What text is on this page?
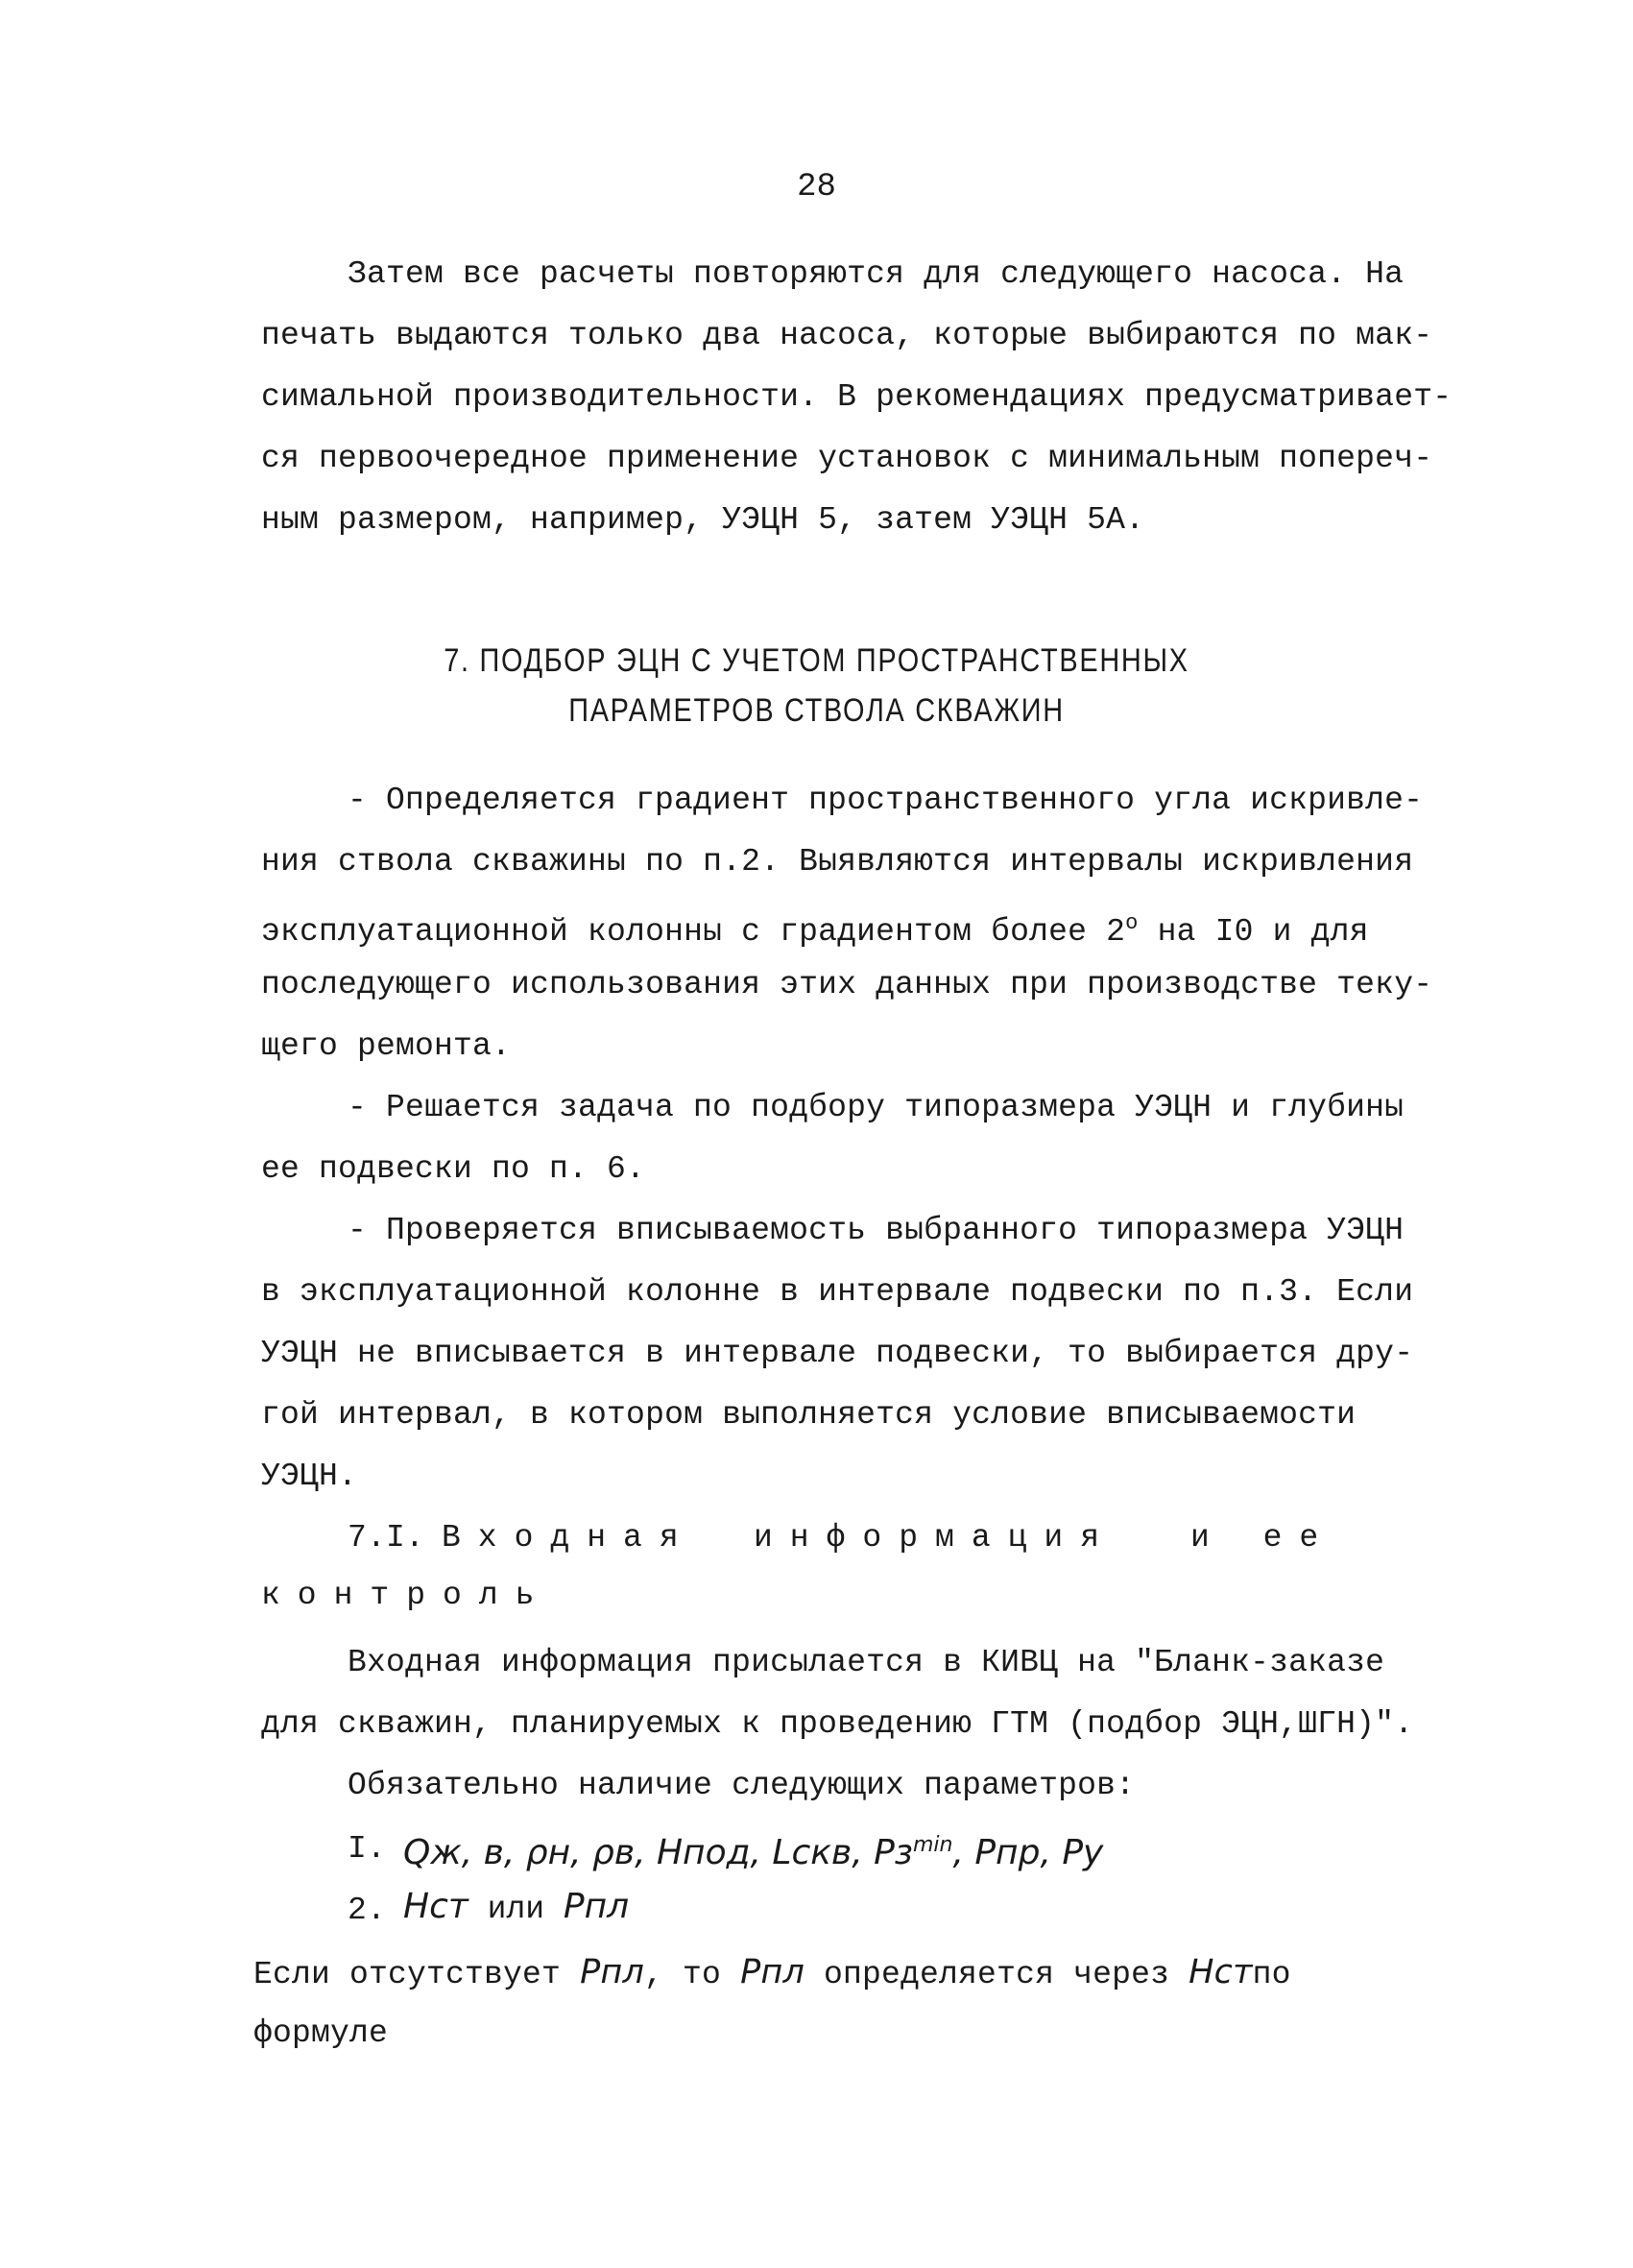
28
Затем все расчеты повторяются для следующего насоса. На
печать выдаются только два насоса, которые выбираются по мак-
симальной производительности. В рекомендациях предусматривает-
ся первоочередное применение установок с минимальным попереч-
ным размером, например, УЭЦН 5, затем УЭЦН 5А.
7. ПОДБОР ЭЦН С УЧЕТОМ ПРОСТРАНСТВЕННЫХ
ПАРАМЕТРОВ СТВОЛА СКВАЖИН
- Определяется градиент пространственного угла искривле-
ния ствола скважины по п.2. Выявляются интервалы искривления
эксплуатационной колонны с градиентом более 2$^o$ на I0 и для
последующего использования этих данных при производстве теку-
щего ремонта.
- Решается задача по подбору типоразмера УЭЦН и глубины
ее подвески по п. 6.
- Проверяется вписываемость выбранного типоразмера УЭЦН
в эксплуатационной колонне в интервале подвески по п.3. Если
УЭЦН не вписывается в интервале подвески, то выбирается дру-
гой интервал, в котором выполняется условие вписываемости
УЭЦН.
7.I. Входная информация и ее
контроль
Входная информация присылается в КИВЦ на "Бланк-заказе
для скважин, планируемых к проведению ГТМ (подбор ЭЦН,ШГН)".
Обязательно наличие следующих параметров:
I. Qж, в, ρн, ρв, Нпод, Lскв, $Pз^{min}$, Pпр, Pу
2. Нст или Pпл
Если отсутствует Pпл, то Pпл определяется через Нстпо
формуле
